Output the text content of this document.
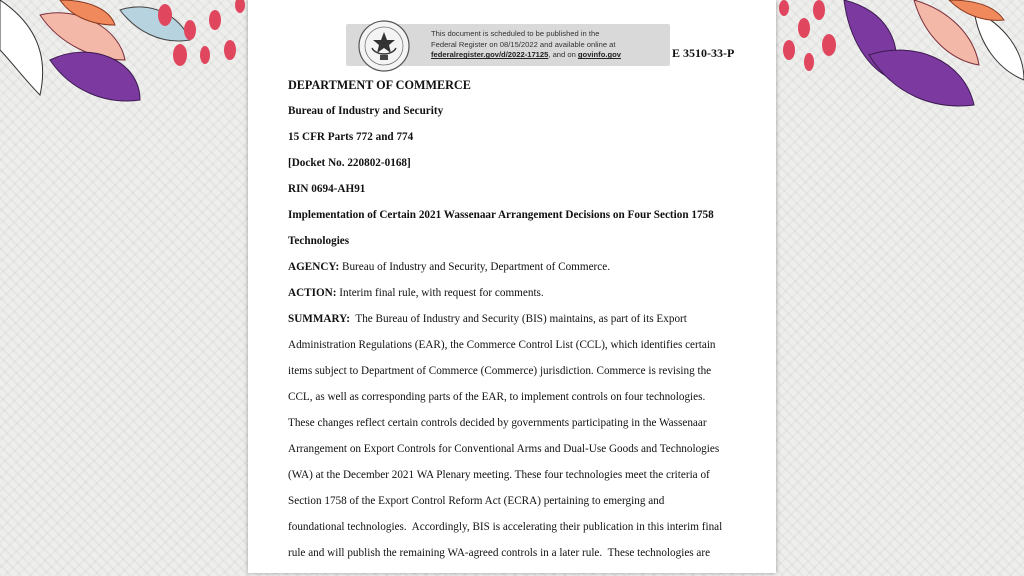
This document is scheduled to be published in the
Federal Register on 08/15/2022 and available online at
federalregister.gov/d/2022-17125, and on govinfo.gov	E 3510-33-P
DEPARTMENT OF COMMERCE
Bureau of Industry and Security
15 CFR Parts 772 and 774
[Docket No. 220802-0168]
RIN 0694-AH91
Implementation of Certain 2021 Wassenaar Arrangement Decisions on Four Section 1758
Technologies
AGENCY: Bureau of Industry and Security, Department of Commerce.
ACTION: Interim final rule, with request for comments.
SUMMARY:  The Bureau of Industry and Security (BIS) maintains, as part of its Export
Administration Regulations (EAR), the Commerce Control List (CCL), which identifies certain
items subject to Department of Commerce (Commerce) jurisdiction. Commerce is revising the
CCL, as well as corresponding parts of the EAR, to implement controls on four technologies.
These changes reflect certain controls decided by governments participating in the Wassenaar
Arrangement on Export Controls for Conventional Arms and Dual-Use Goods and Technologies
(WA) at the December 2021 WA Plenary meeting. These four technologies meet the criteria of
Section 1758 of the Export Control Reform Act (ECRA) pertaining to emerging and
foundational technologies.  Accordingly, BIS is accelerating their publication in this interim final
rule and will publish the remaining WA-agreed controls in a later rule.  These technologies are
